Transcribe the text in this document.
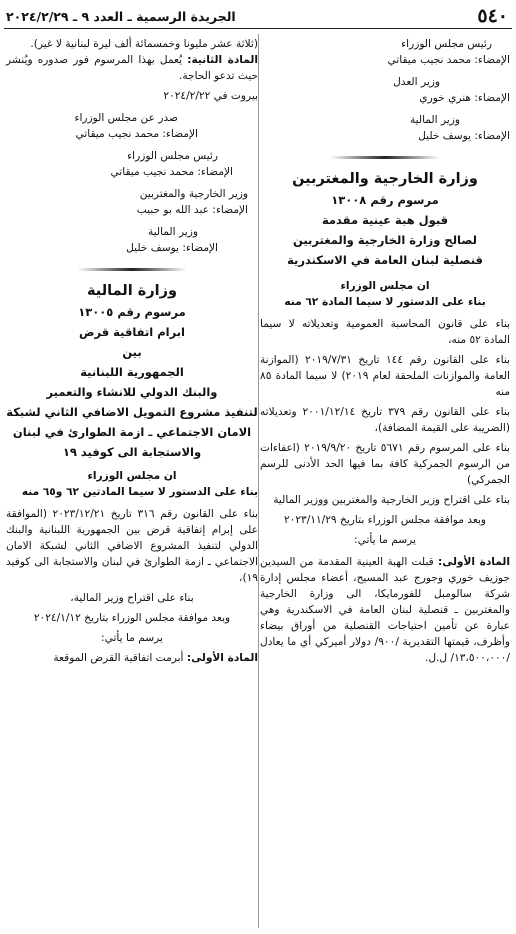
٥٤٠
الجريدة الرسمية ـ العدد ٩ ـ ٢٠٢٤/٢/٢٩

رئيس مجلس الوزراء

الإمضاء: محمد نجيب ميقاتي

وزير العدل

الإمضاء: هنري خوري

وزير المالية

الإمضاء: يوسف خليل

وزارة الخارجية والمغتربين

مرسوم رقم ١٣٠٠٨

قبول هبة عينية مقدمة

لصالح وزارة الخارجية والمغتربين

قنصلية لبنان العامة في الاسكندرية

ان مجلس الوزراء

بناء على الدستور لا سيما المادة ٦٢ منه

بناء على قانون المحاسبة العمومية وتعديلاته لا سيما المادة ٥٢ منه،

بناء على القانون رقم ١٤٤ تاريخ ٢٠١٩/٧/٣١ (الموازنة العامة والموازنات الملحقة لعام ٢٠١٩) لا سيما المادة ٨٥ منه

بناء على القانون رقم ٣٧٩ تاريخ ٢٠٠١/١٢/١٤ وتعديلاته (الضريبة على القيمة المضافة)،

بناء على المرسوم رقم ٥٦٧١ تاريخ ٢٠١٩/٩/٢٠ (اعفاءات من الرسوم الجمركية كافة بما فيها الحد الأدنى للرسم الجمركي)

بناء على اقتراح وزير الخارجية والمغتربين ووزير المالية

وبعد موافقة مجلس الوزراء بتاريخ ٢٠٢٣/١١/٢٩

يرسم ما يأتي:

المادة الأولى: قبلت الهبة العينية المقدمة من السيدين جوزيف خوري وجورج عبد المسيح، أعضاء مجلس إدارة شركة سالومبل للفورمايكا، الى وزارة الخارجية والمغتربين ـ قنصلية لبنان العامة في الاسكندرية وهي عبارة عن تأمين احتياجات القنصلية من أوراق بيضاء وأظرف، قيمتها التقديرية /٩٠٠/ دولار أميركي أي ما يعادل /١٣،٥٠٠،٠٠٠/ ل.ل.

(ثلاثة عشر مليونا وخمسمائة ألف ليرة لبنانية لا غير).

المادة الثانية: يُعمل بهذا المرسوم فور صدوره ويُنشر حيث تدعو الحاجة.

بيروت في ٢٠٢٤/٢/٢٢

صدر عن مجلس الوزراء

الإمضاء: محمد نجيب ميقاتي

رئيس مجلس الوزراء

الإمضاء: محمد نجيب ميقاتي

وزير الخارجية والمغتربين

الإمضاء: عبد الله بو حبيب

وزير المالية

الإمضاء: يوسف خليل

وزارة المالية

مرسوم رقم ١٣٠٠٥

ابرام اتفاقية قرض

بين

الجمهورية اللبنانية

والبنك الدولي للانشاء والتعمير

لتنفيذ مشروع التمويل الاضافي الثاني لشبكة

الامان الاجتماعي ـ ازمة الطوارئ في لبنان

والاستجابة الى كوفيد ١٩

ان مجلس الوزراء

بناء على الدستور لا سيما المادتين ٦٢ و٦٥ منه

بناء على القانون رقم ٣١٦ تاريخ ٢٠٢٣/١٢/٢١ (الموافقة على إبرام إتفاقية قرض بين الجمهورية اللبنانية والبنك الدولي لتنفيذ المشروع الاضافي الثاني لشبكة الامان الاجتماعي ـ ازمة الطوارئ في لبنان والاستجابة الى كوفيد ١٩)،

بناء على اقتراح وزير المالية،

وبعد موافقة مجلس الوزراء بتاريخ ٢٠٢٤/١/١٢

يرسم ما يأتي:

المادة الأولى: أبرمت اتفاقية القرض الموقعة
